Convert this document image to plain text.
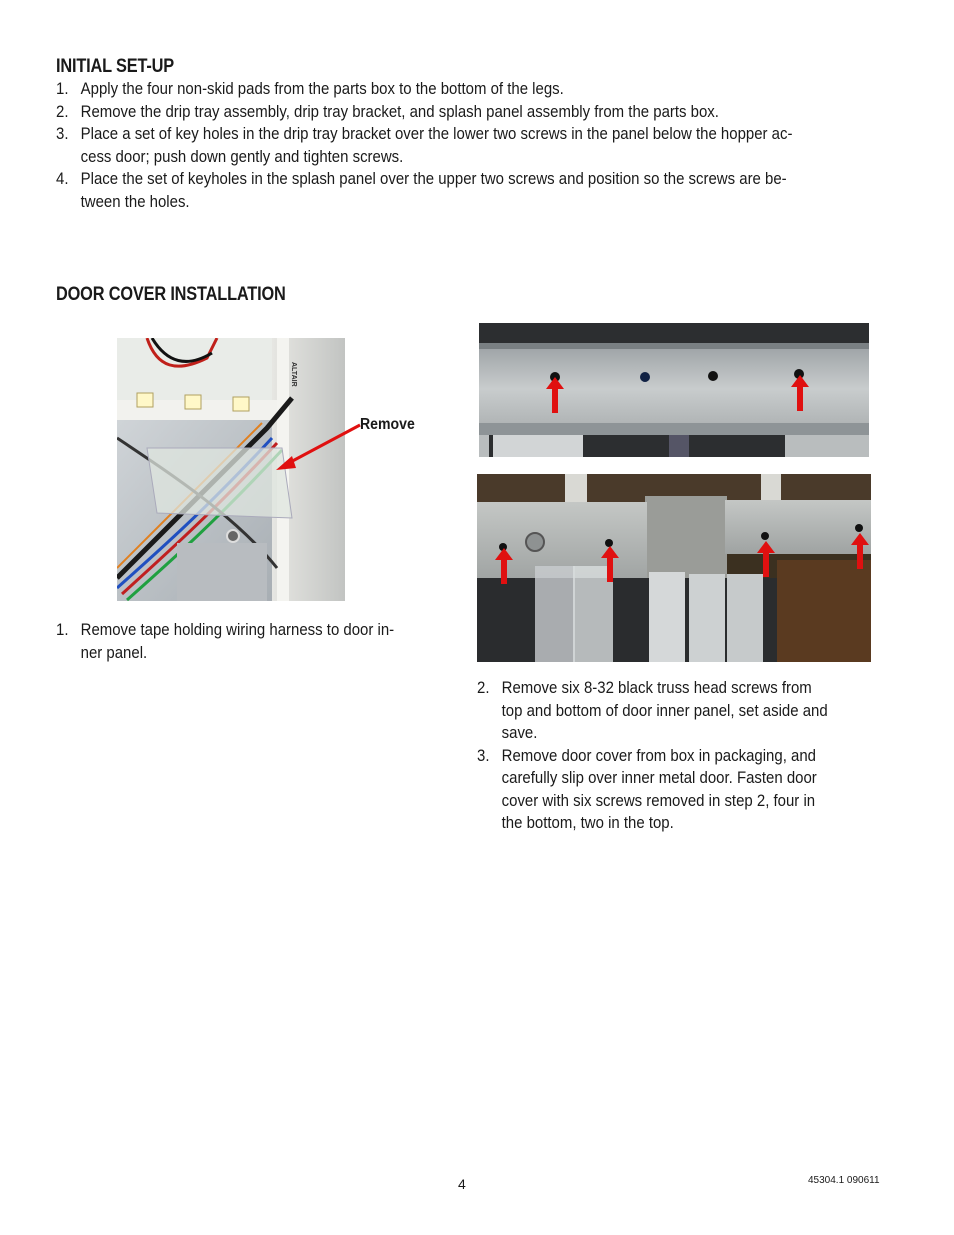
INITIAL SET-UP
1. Apply the four non-skid pads from the parts box to the bottom of the legs.
2. Remove the drip tray assembly, drip tray bracket, and splash panel assembly from the parts box.
3. Place a set of key holes in the drip tray bracket over the lower two screws in the panel below the hopper ac-
cess door; push down gently and tighten screws.
4. Place the set of keyholes in the splash panel over the upper two screws and position so the screws are be-
tween the holes.
DOOR COVER INSTALLATION
ALTAIR
Remove
1. Remove tape holding wiring harness to door in-
ner panel.
2. Remove six 8-32 black truss head screws from
top and bottom of door inner panel, set aside and
save.
3. Remove door cover from box in packaging, and
carefully slip over inner metal door. Fasten door
cover with six screws removed in step 2, four in
the bottom, two in the top.
4	45304.1 090611
